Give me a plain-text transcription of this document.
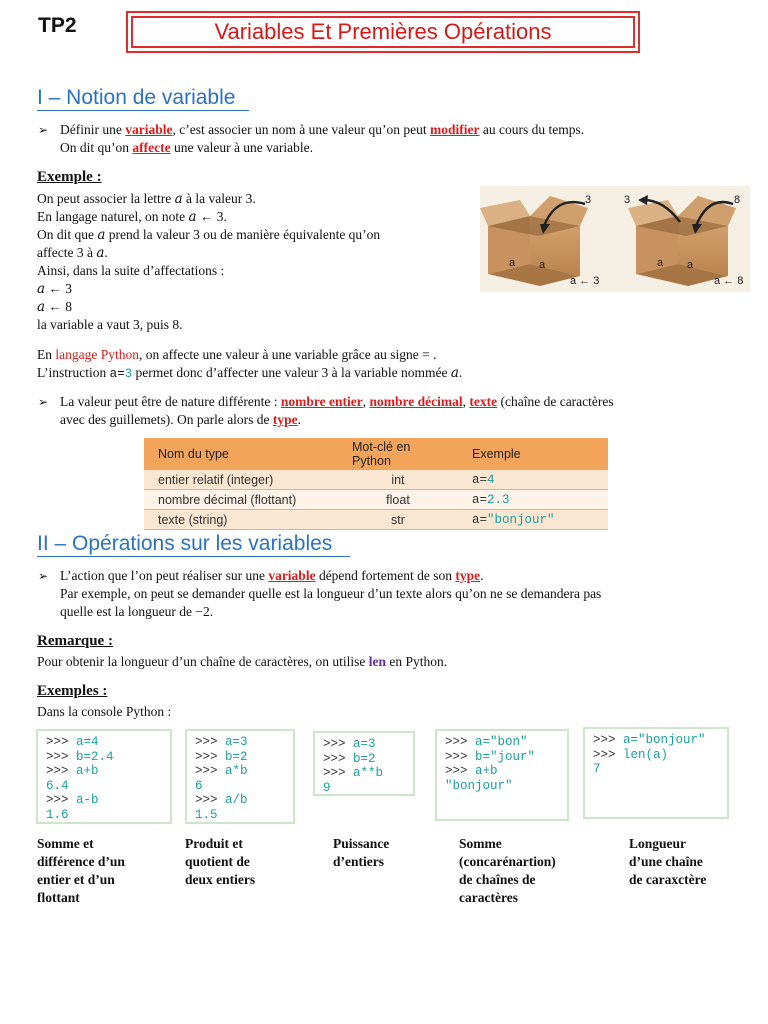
TP2	Variables Et Premières Opérations
I – Notion de variable
➢ Définir une variable, c’est associer un nom à une valeur qu’on peut modifier au cours du temps.
On dit qu’on affecte une valeur à une variable.
Exemple :
On peut associer la lettre 𝑎 à la valeur 3.
En langage naturel, on note 𝑎 ← 3.
On dit que 𝑎 prend la valeur 3 ou de manière équivalente qu’on
affecte 3 à 𝑎.
Ainsi, dans la suite d’affectations :
𝑎 ← 3
𝑎 ← 8
la variable a vaut 3, puis 8.
3
a a
a ← 3
3	8
a a
a ← 8
En langage Python, on affecte une valeur à une variable grâce au signe = .
L’instruction a=3 permet donc d’affecter une valeur 3 à la variable nommée 𝑎.
➢ La valeur peut être de nature différente : nombre entier, nombre décimal, texte (chaîne de caractères
avec des guillemets). On parle alors de type.
Nom du type	Mot-clé en Python	Exemple
entier relatif (integer)	int	a=4
nombre décimal (flottant)	float	a=2.3
texte (string)	str	a="bonjour"
II – Opérations sur les variables
➢ L’action que l’on peut réaliser sur une variable dépend fortement de son type.
Par exemple, on peut se demander quelle est la longueur d’un texte alors qu’on ne se demandera pas
quelle est la longueur de −2.
Remarque :
Pour obtenir la longueur d’un chaîne de caractères, on utilise len en Python.
Exemples :
Dans la console Python :
>>> a=4
>>> b=2.4
>>> a+b
6.4
>>> a-b
1.6
>>> a=3
>>> b=2
>>> a*b
6
>>> a/b
1.5
>>> a=3
>>> b=2
>>> a**b
9
>>> a="bon"
>>> b="jour"
>>> a+b
"bonjour"
>>> a="bonjour"
>>> len(a)
7
Somme et
différence d’un
entier et d’un
flottant
Produit et
quotient de
deux entiers
Puissance
d’entiers
Somme
(concarénartion)
de chaînes de
caractères
Longueur
d’une chaîne
de caraxctère
